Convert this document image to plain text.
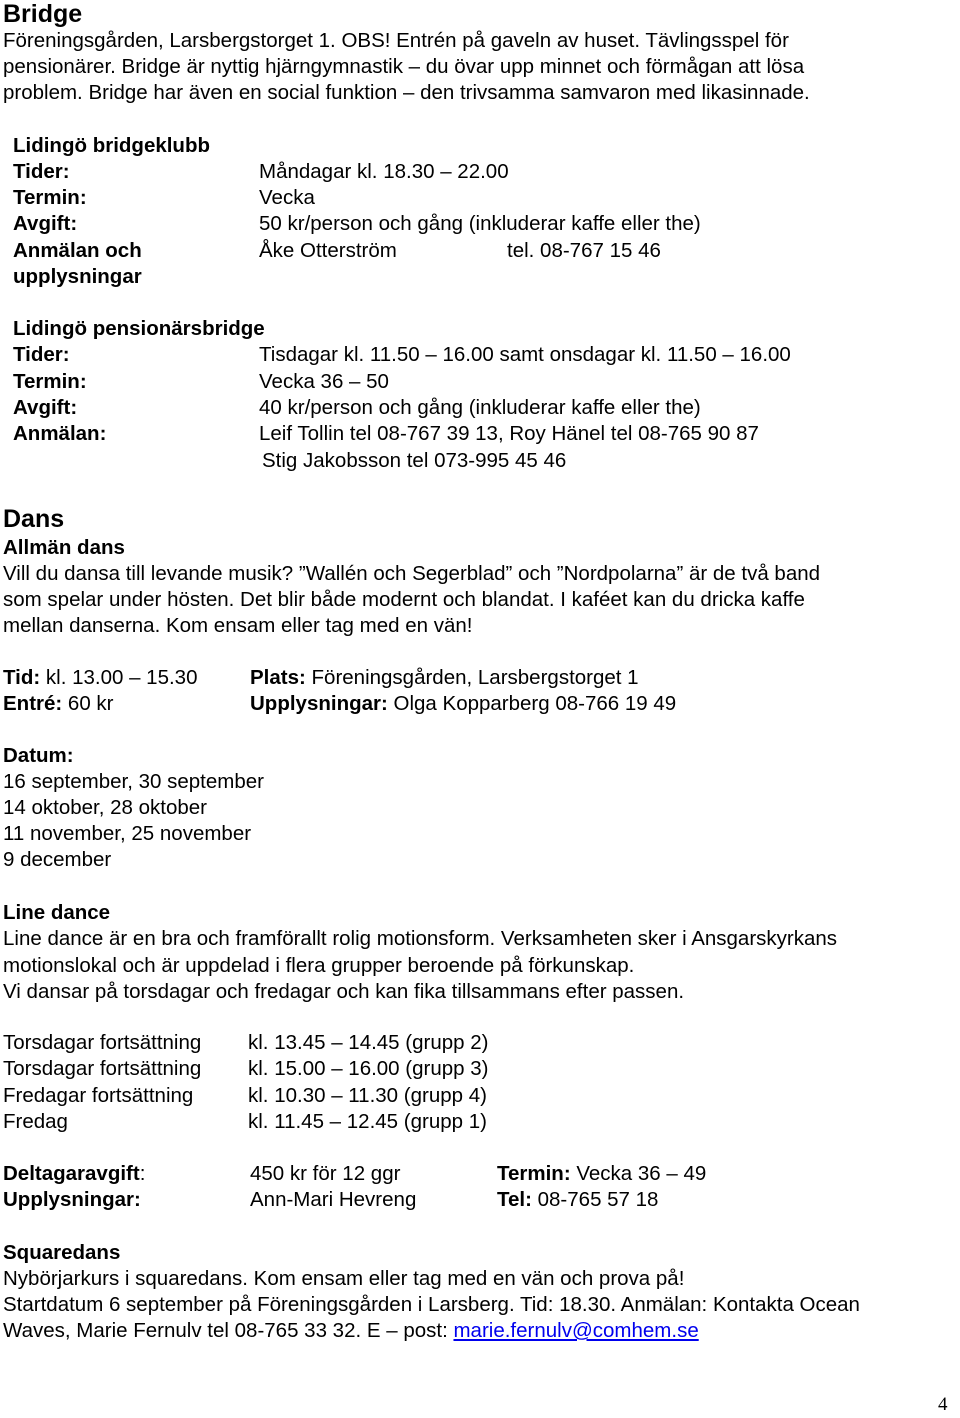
Bridge
Föreningsgården, Larsbergstorget 1. OBS! Entrén på gaveln av huset. Tävlingsspel för
pensionärer. Bridge är nyttig hjärngymnastik – du övar upp minnet och förmågan att lösa
problem. Bridge har även en social funktion – den trivsamma samvaron med likasinnade.
Lidingö bridgeklubb
Tider:	Måndagar kl. 18.30 – 22.00
Termin:	Vecka
Avgift:	50 kr/person och gång (inkluderar kaffe eller the)
Anmälan och
upplysningar
Åke Otterström	tel. 08-767 15 46
Lidingö pensionärsbridge
Tider:	Tisdagar kl. 11.50 – 16.00 samt onsdagar kl. 11.50 – 16.00
Termin:	Vecka 36 – 50
Avgift:	40 kr/person och gång (inkluderar kaffe eller the)
Anmälan:	Leif Tollin tel 08-767 39 13, Roy Hänel tel 08-765 90 87
Stig Jakobsson tel 073-995 45 46
Dans
Allmän dans
Vill du dansa till levande musik? ”Wallén och Segerblad” och ”Nordpolarna” är de två band
som spelar under hösten. Det blir både modernt och blandat. I kaféet kan du dricka kaffe
mellan danserna. Kom ensam eller tag med en vän!
Tid: kl. 13.00 – 15.30	Plats: Föreningsgården, Larsbergstorget 1
Entré: 60 kr	Upplysningar: Olga Kopparberg 08-766 19 49
Datum:
16 september, 30 september
14 oktober, 28 oktober
11 november, 25 november
9 december
Line dance
Line dance är en bra och framförallt rolig motionsform. Verksamheten sker i Ansgarskyrkans
motionslokal och är uppdelad i flera grupper beroende på förkunskap.
Vi dansar på torsdagar och fredagar och kan fika tillsammans efter passen.
Torsdagar fortsättning kl. 13.45 – 14.45 (grupp 2)
Torsdagar fortsättning kl. 15.00 – 16.00 (grupp 3)
Fredagar fortsättning	kl. 10.30 – 11.30 (grupp 4)
Fredag	kl. 11.45 – 12.45 (grupp 1)
Deltagaravgift:	450 kr för 12 ggr	Termin: Vecka 36 – 49
Upplysningar:	Ann-Mari Hevreng	Tel: 08-765 57 18
Squaredans
Nybörjarkurs i squaredans. Kom ensam eller tag med en vän och prova på!
Startdatum 6 september på Föreningsgården i Larsberg. Tid: 18.30. Anmälan: Kontakta Ocean
Waves, Marie Fernulv tel 08-765 33 32. E – post: marie.fernulv@comhem.se
4
